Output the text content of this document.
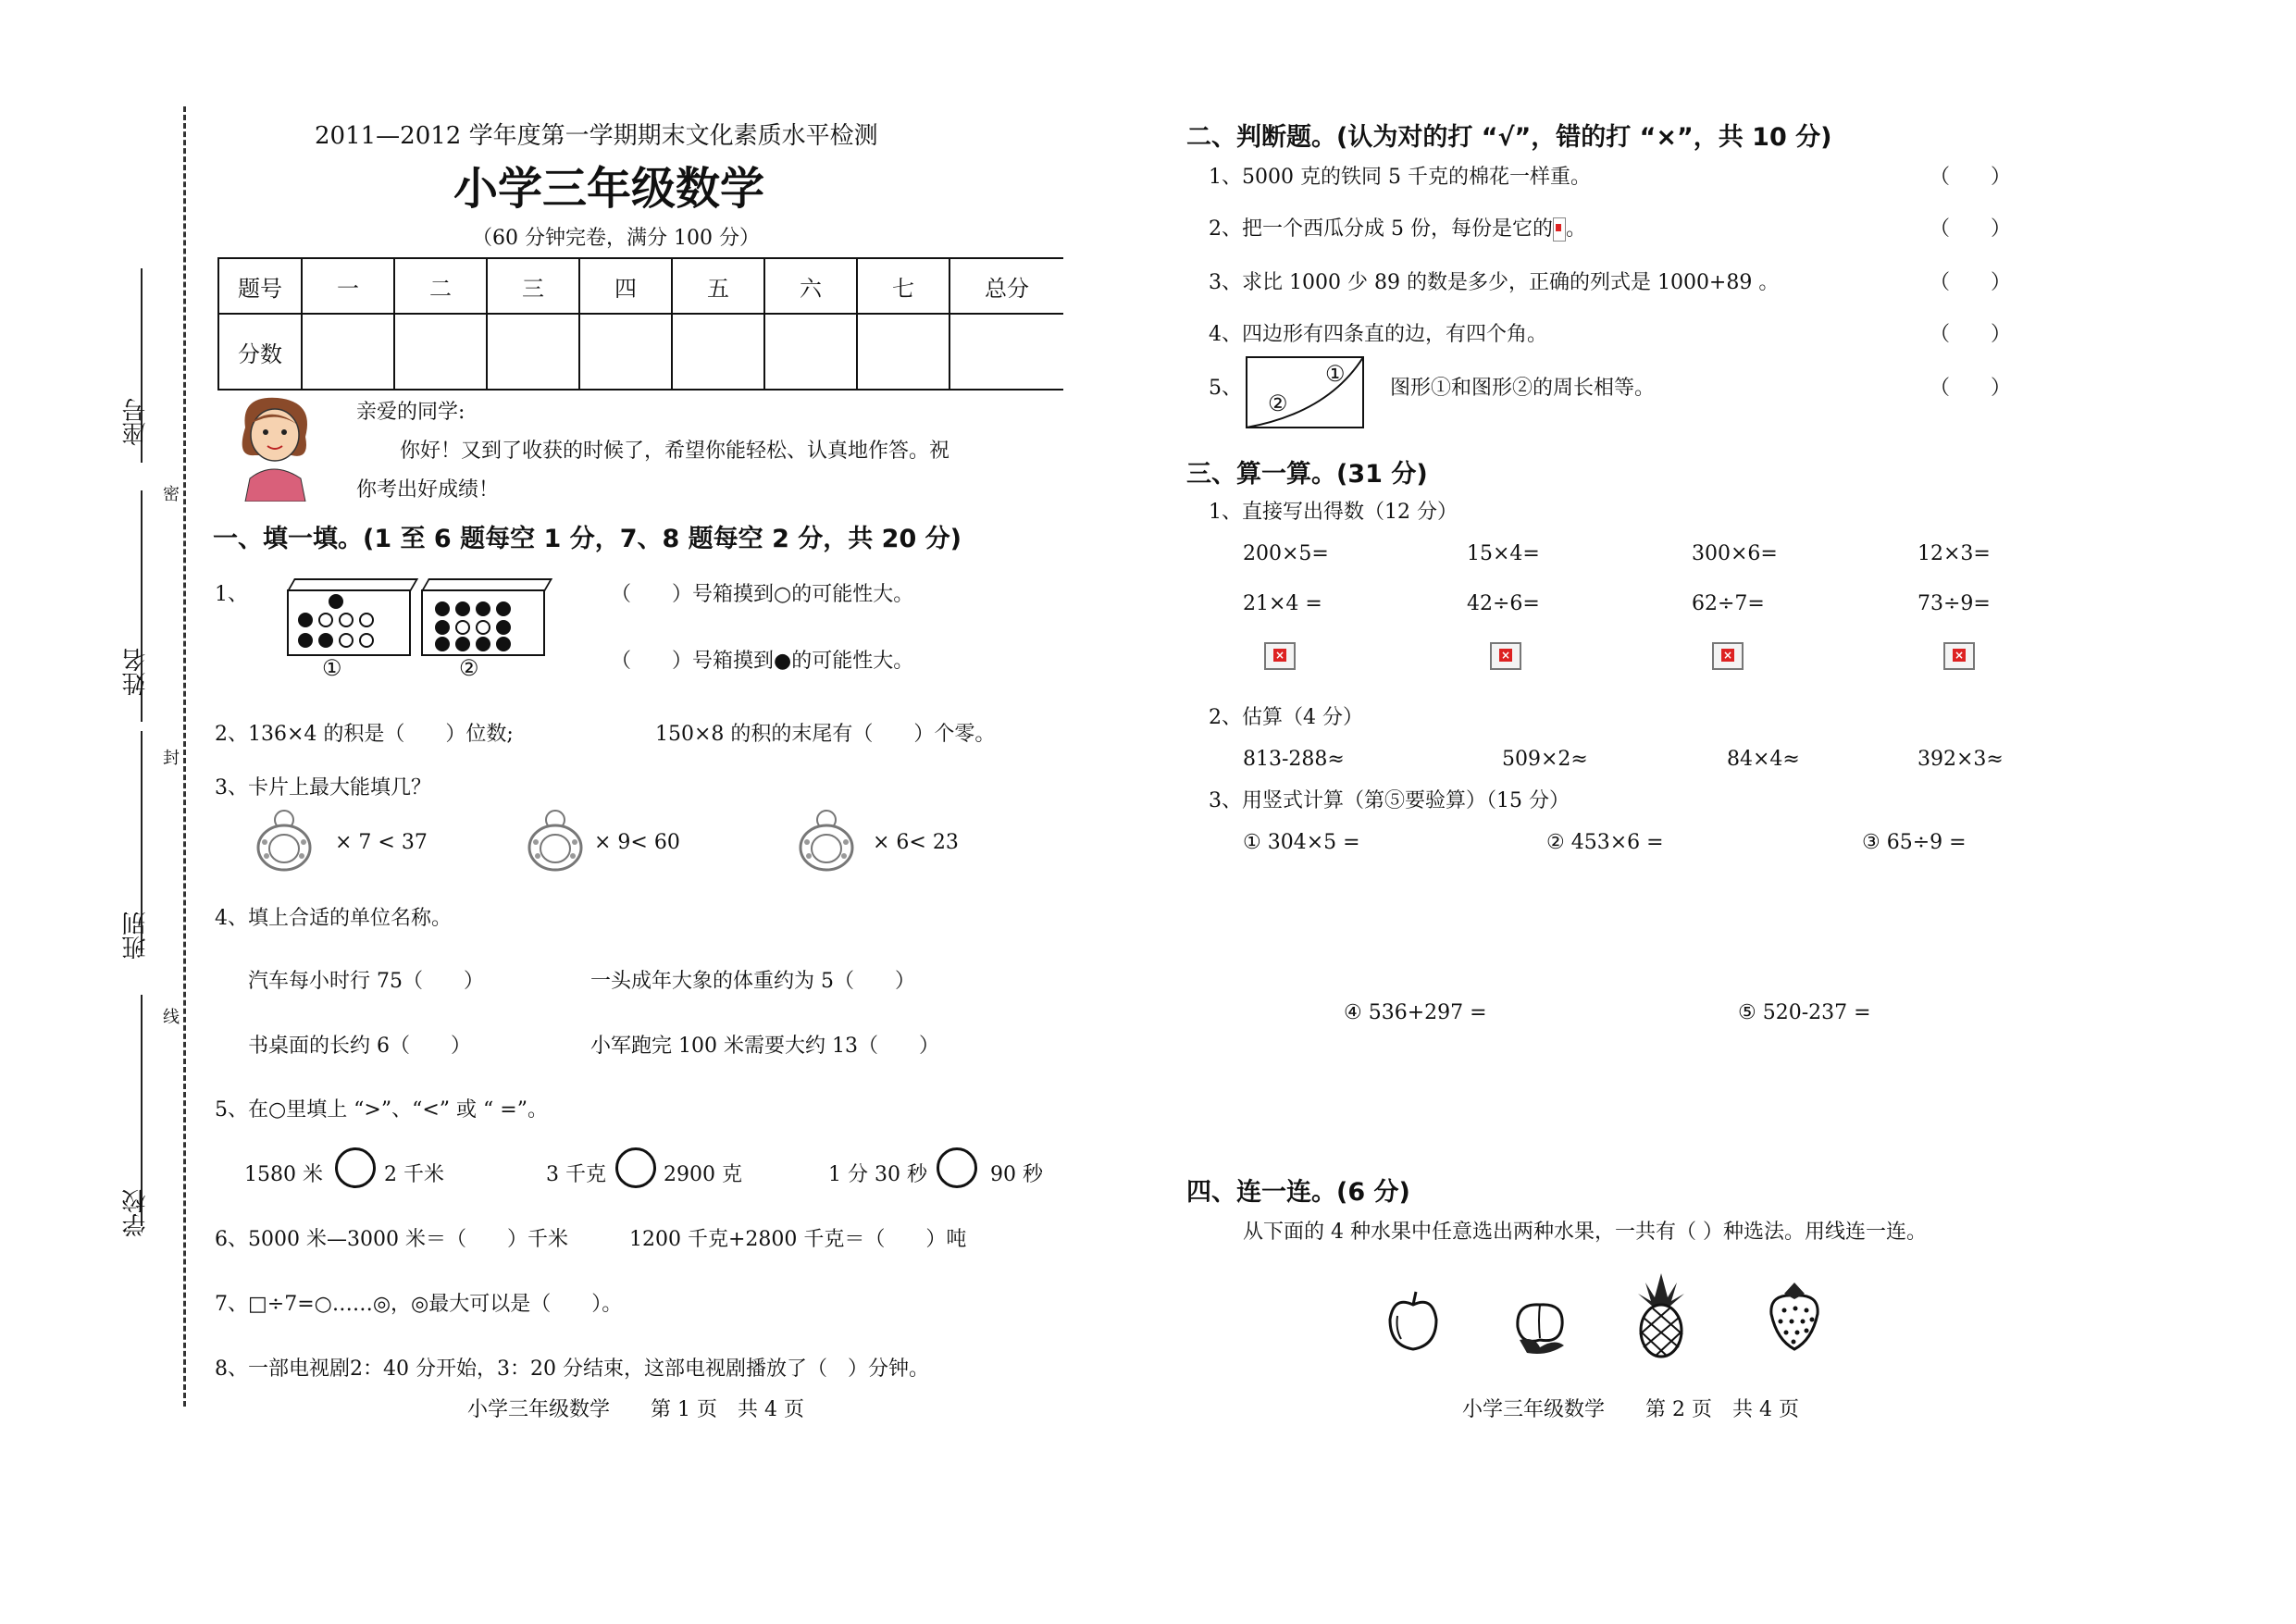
座号
姓名
班别
学校
密
封
线
2011—2012 学年度第一学期期末文化素质水平检测
小学三年级数学
（60 分钟完卷，满分 100 分）
题号	一	二	三	四	五	六	七	总分
分数								
亲爱的同学:
你好！又到了收获的时候了，希望你能轻松、认真地作答。祝
你考出好成绩！
一、填一填。(1 至 6 题每空 1 分，7、8 题每空 2 分，共 20 分)
1、
①	②
（　　）号箱摸到○的可能性大。
（　　）号箱摸到●的可能性大。
2、136×4 的积是（　　）位数;	150×8 的积的末尾有（　　）个零。
3、卡片上最大能填几？
× 7 < 37	× 9< 60	× 6< 23
4、填上合适的单位名称。
汽车每小时行 75（　　）	一头成年大象的体重约为 5（　　）
书桌面的长约 6（　　）	小军跑完 100 米需要大约 13（　　）
5、在○里填上 “>”、“<” 或 “ =”。
1580 米	2 千米	3 千克	2900 克	1 分 30 秒	90 秒
6、5000 米—3000 米＝（　　）千米	1200 千克+2800 千克＝（　　）吨
7、□÷7=○……◎，◎最大可以是（　　）。
8、一部电视剧2：40 分开始，3：20 分结束，这部电视剧播放了（　）分钟。
小学三年级数学　　第 1 页　共 4 页
二、判断题。(认为对的打 “√”，错的打 “×”，共 10 分)
1、5000 克的铁同 5 千克的棉花一样重。	（　　）
2、把一个西瓜分成 5 份，每份是它的 。	（　　）
3、求比 1000 少 89 的数是多少，正确的列式是 1000+89 。	（　　）
4、四边形有四条直的边，有四个角。	（　　）
5、
①
②
图形①和图形②的周长相等。	（　　）
三、算一算。(31 分)
1、直接写出得数（12 分）
200×5=	15×4=	300×6=	12×3=
21×4 =	42÷6=	62÷7=	73÷9=
×	×	×	×
2、估算（4 分）
813-288≈	509×2≈	84×4≈	392×3≈
3、用竖式计算（第⑤要验算）（15 分）
① 304×5 =	② 453×6 =	③ 65÷9 =
④ 536+297 =	⑤ 520-237 =
四、连一连。(6 分)
从下面的 4 种水果中任意选出两种水果，一共有（ ）种选法。用线连一连。
小学三年级数学　　第 2 页　共 4 页
